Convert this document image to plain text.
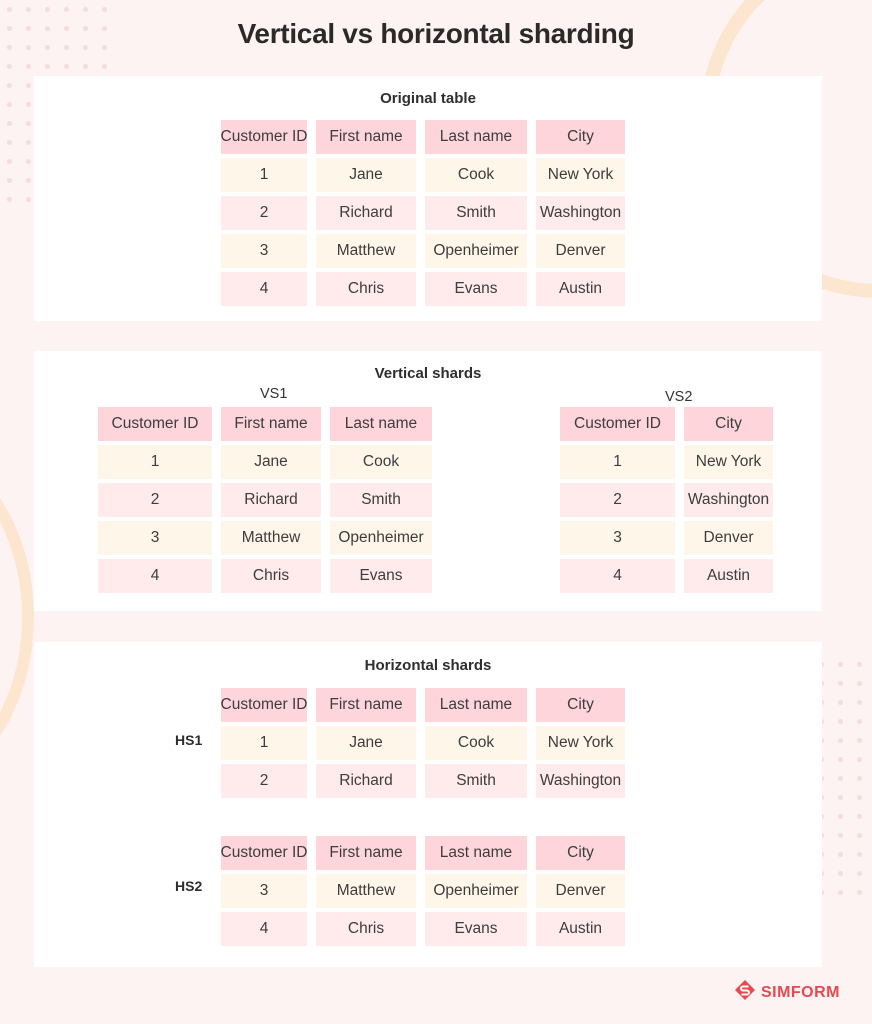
Vertical vs horizontal sharding
Original table
Customer ID	First name	Last name	City
1	Jane	Cook	New York
2	Richard	Smith	Washington
3	Matthew	Openheimer	Denver
4	Chris	Evans	Austin
Vertical shards
VS1	VS2
Customer ID	First name	Last name
1	Jane	Cook
2	Richard	Smith
3	Matthew	Openheimer
4	Chris	Evans
Customer ID	City
1	New York
2	Washington
3	Denver
4	Austin
Horizontal shards
HS1
HS2
Customer ID	First name	Last name	City
1	Jane	Cook	New York
2	Richard	Smith	Washington
Customer ID	First name	Last name	City
3	Matthew	Openheimer	Denver
4	Chris	Evans	Austin
SIMFORM
